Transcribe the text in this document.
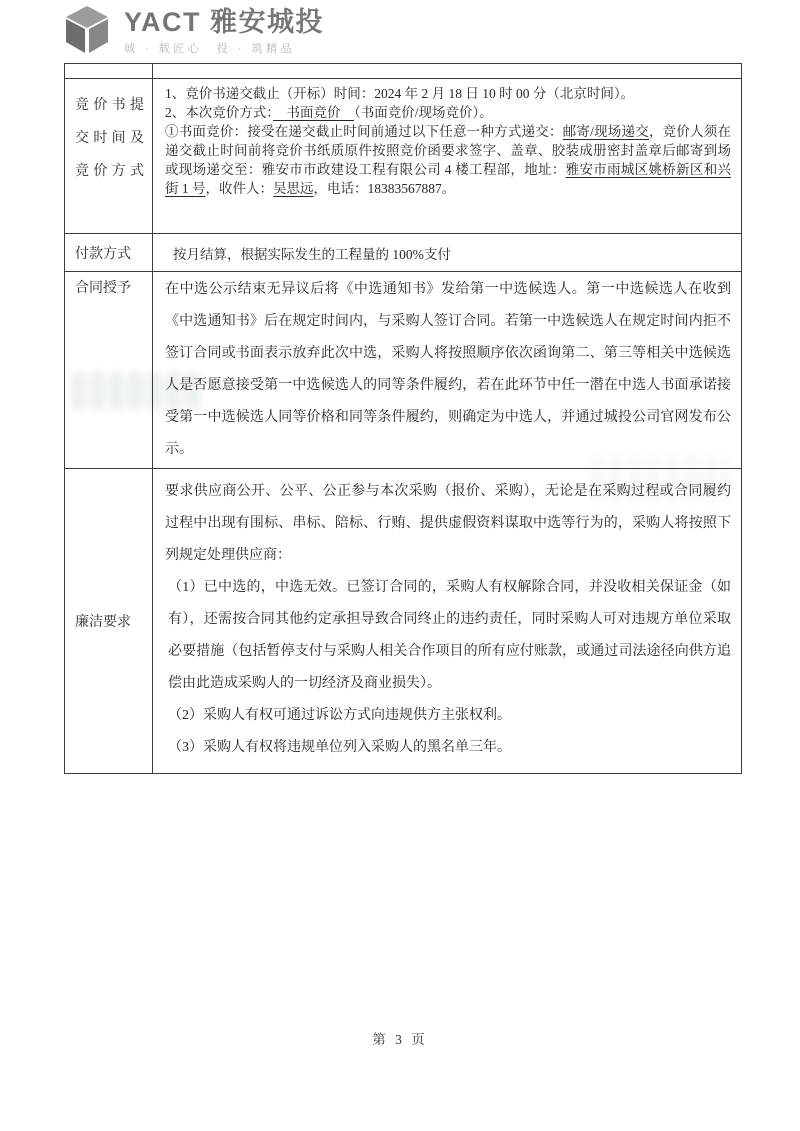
YACT 雅安城投
城 · 载匠心　投 · 筑精品

竞价书提交时间及竞价方式	1、竞价书递交截止（开标）时间：2024 年 2 月 18 日 10 时 00 分（北京时间）。

2、本次竞价方式：　书面竞价　（书面竞价/现场竞价）。

①书面竞价：接受在递交截止时间前通过以下任意一种方式递交：邮寄/现场递交，竞价人须在递交截止时间前将竞价书纸质原件按照竞价函要求签字、盖章、胶装成册密封盖章后邮寄到场或现场递交至：雅安市市政建设工程有限公司 4 楼工程部，地址：雅安市雨城区姚桥新区和兴街 1 号，收件人：吴思远，电话：18383567887。

付款方式	按月结算，根据实际发生的工程量的 100%支付
合同授予	在中选公示结束无异议后将《中选通知书》发给第一中选候选人。第一中选候选人在收到《中选通知书》后在规定时间内，与采购人签订合同。若第一中选候选人在规定时间内拒不签订合同或书面表示放弃此次中选，采购人将按照顺序依次函询第二、第三等相关中选候选人是否愿意接受第一中选候选人的同等条件履约，若在此环节中任一潜在中选人书面承诺接受第一中选候选人同等价格和同等条件履约，则确定为中选人，并通过城投公司官网发布公示。

廉洁要求	要求供应商公开、公平、公正参与本次采购（报价、采购），无论是在采购过程或合同履约过程中出现有围标、串标、陪标、行贿、提供虚假资料谋取中选等行为的，采购人将按照下列规定处理供应商：

（1）已中选的，中选无效。已签订合同的，采购人有权解除合同，并没收相关保证金（如有），还需按合同其他约定承担导致合同终止的违约责任，同时采购人可对违规方单位采取必要措施（包括暂停支付与采购人相关合作项目的所有应付账款，或通过司法途径向供方追偿由此造成采购人的一切经济及商业损失）。

（2）采购人有权可通过诉讼方式向违规供方主张权利。

（3）采购人有权将违规单位列入采购人的黑名单三年。

第 3 页
